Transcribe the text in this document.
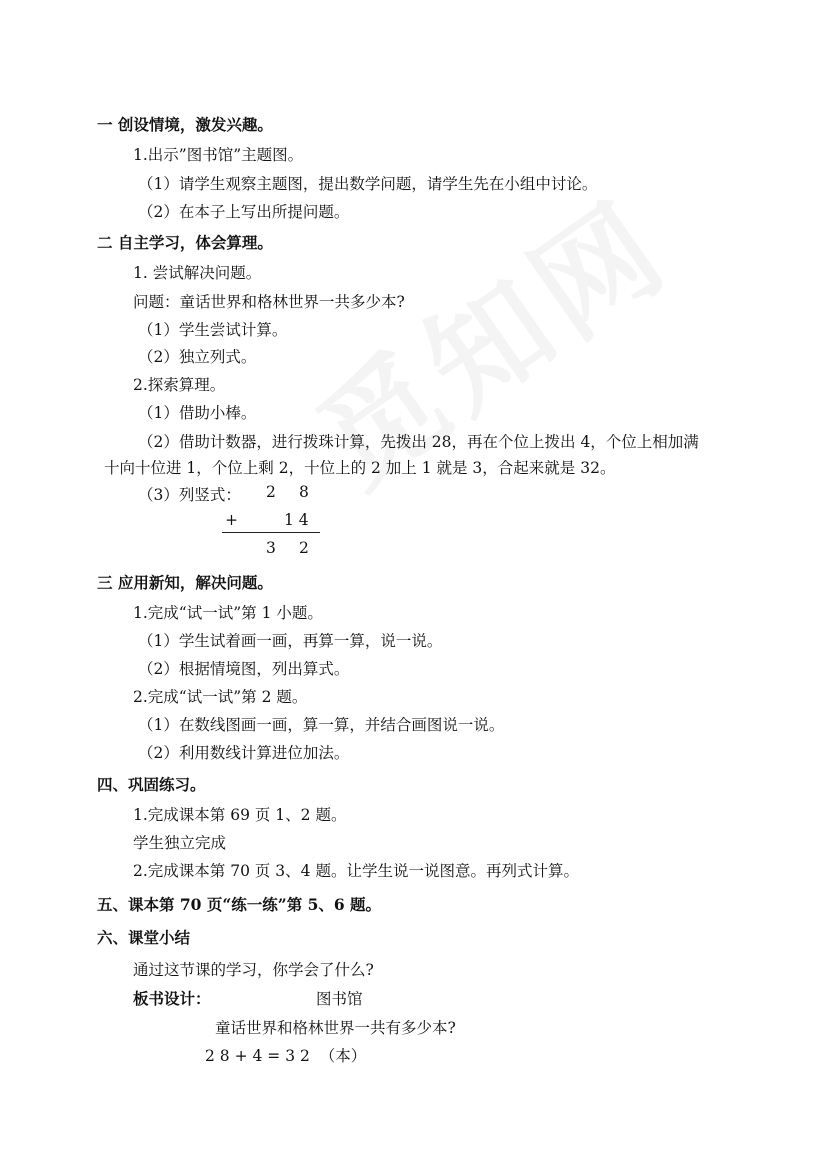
一 创设情境，激发兴趣。
1.出示”图书馆”主题图。
（1）请学生观察主题图，提出数学问题，请学生先在小组中讨论。
（2）在本子上写出所提问题。
二 自主学习，体会算理。
1. 尝试解决问题。
问题：童话世界和格林世界一共多少本?
（1）学生尝试计算。
（2）独立列式。
2.探索算理。
（1）借助小棒。
（2）借助计数器，进行拨珠计算，先拨出 28，再在个位上拨出 4，个位上相加满
十向十位进 1，个位上剩 2，十位上的 2 加上 1 就是 3，合起来就是 32。
（3）列竖式： 2 8
+	1 4
3 2
三 应用新知，解决问题。
1.完成“试一试”第 1 小题。
（1）学生试着画一画，再算一算，说一说。
（2）根据情境图，列出算式。
2.完成“试一试”第 2 题。
（1）在数线图画一画，算一算，并结合画图说一说。
（2）利用数线计算进位加法。
四、巩固练习。
1.完成课本第 69 页 1、2 题。
学生独立完成
2.完成课本第 70 页 3、4 题。让学生说一说图意。再列式计算。
五、课本第 70 页“练一练”第 5、6 题。
六、课堂小结
通过这节课的学习，你学会了什么?
板书设计：	图书馆
童话世界和格林世界一共有多少本?
2 8 + 4 = 3 2  （本）
